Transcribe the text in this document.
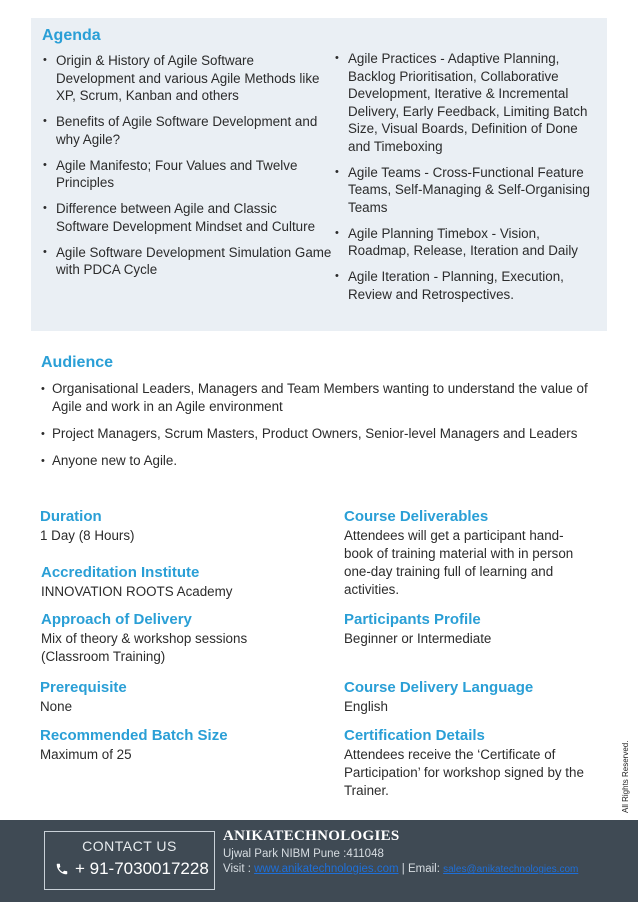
Agenda
• Origin & History of Agile Software Development and various Agile Methods like XP, Scrum, Kanban and others
• Benefits of Agile Software Development and why Agile?
• Agile Manifesto; Four Values and Twelve Principles
• Difference between Agile and Classic Software Development Mindset and Culture
• Agile Software Development Simulation Game with PDCA Cycle
• Agile Practices - Adaptive Planning, Backlog Prioritisation, Collaborative Development, Iterative & Incremental Delivery, Early Feedback, Limiting Batch Size, Visual Boards, Definition of Done and Timeboxing
• Agile Teams - Cross-Functional Feature Teams, Self-Managing & Self-Organising Teams
• Agile Planning Timebox - Vision, Roadmap, Release, Iteration and Daily
• Agile Iteration - Planning, Execution, Review and Retrospectives.
Audience
• Organisational Leaders, Managers and Team Members wanting to understand the value of Agile and work in an Agile environment
• Project Managers, Scrum Masters, Product Owners, Senior-level Managers and Leaders
• Anyone new to Agile.
Duration
1 Day (8 Hours)
Accreditation Institute
INNOVATION ROOTS Academy
Approach of Delivery
Mix of theory & workshop sessions (Classroom Training)
Prerequisite
None
Recommended Batch Size
Maximum of 25
Course Deliverables
Attendees will get a participant hand-book of training material with in person one-day training full of learning and activities.
Participants Profile
Beginner or Intermediate
Course Delivery Language
English
Certification Details
Attendees receive the ‘Certificate of Participation’ for workshop signed by the Trainer.	All Rights Reserved.
CONTACT US
+ 91-7030017228
ANIKATECHNOLOGIES
Ujwal Park NIBM Pune :411048
Visit : www.anikatechnologies.com | Email: sales@anikatechnologies.com
